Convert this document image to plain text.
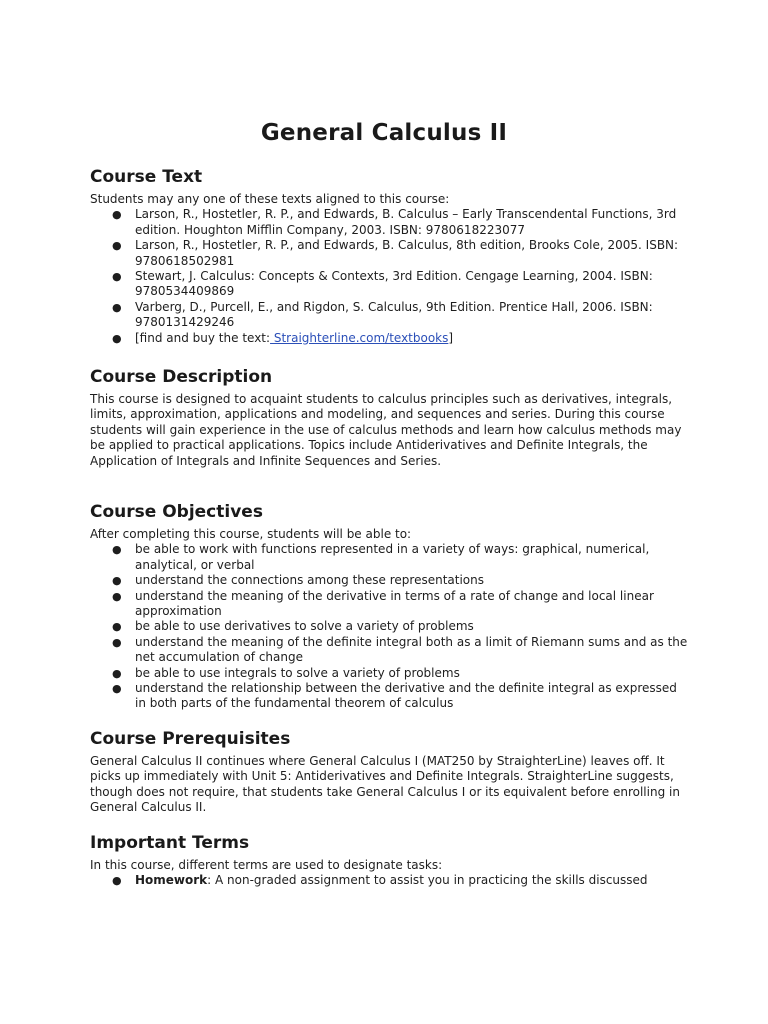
General Calculus II
Course Text

Students may any one of these texts aligned to this course:

● Larson, R., Hostetler, R. P., and Edwards, B. Calculus – Early Transcendental Functions, 3rd edition. Houghton Mifflin Company, 2003. ISBN: 9780618223077
● Larson, R., Hostetler, R. P., and Edwards, B. Calculus, 8th edition, Brooks Cole, 2005. ISBN: 9780618502981
● Stewart, J. Calculus: Concepts & Contexts, 3rd Edition. Cengage Learning, 2004. ISBN: 9780534409869
● Varberg, D., Purcell, E., and Rigdon, S. Calculus, 9th Edition. Prentice Hall, 2006. ISBN: 9780131429246
● [find and buy the text: Straighterline.com/textbooks]
Course Description

This course is designed to acquaint students to calculus principles such as derivatives, integrals, limits, approximation, applications and modeling, and sequences and series. During this course students will gain experience in the use of calculus methods and learn how calculus methods may be applied to practical applications. Topics include Antiderivatives and Definite Integrals, the Application of Integrals and Infinite Sequences and Series.

Course Objectives

After completing this course, students will be able to:

● be able to work with functions represented in a variety of ways: graphical, numerical, analytical, or verbal
● understand the connections among these representations
● understand the meaning of the derivative in terms of a rate of change and local linear approximation
● be able to use derivatives to solve a variety of problems
● understand the meaning of the definite integral both as a limit of Riemann sums and as the net accumulation of change
● be able to use integrals to solve a variety of problems
● understand the relationship between the derivative and the definite integral as expressed in both parts of the fundamental theorem of calculus
Course Prerequisites

General Calculus II continues where General Calculus I (MAT250 by StraighterLine) leaves off. It picks up immediately with Unit 5: Antiderivatives and Definite Integrals. StraighterLine suggests, though does not require, that students take General Calculus I or its equivalent before enrolling in General Calculus II.

Important Terms

In this course, different terms are used to designate tasks:

● Homework: A non-graded assignment to assist you in practicing the skills discussed
